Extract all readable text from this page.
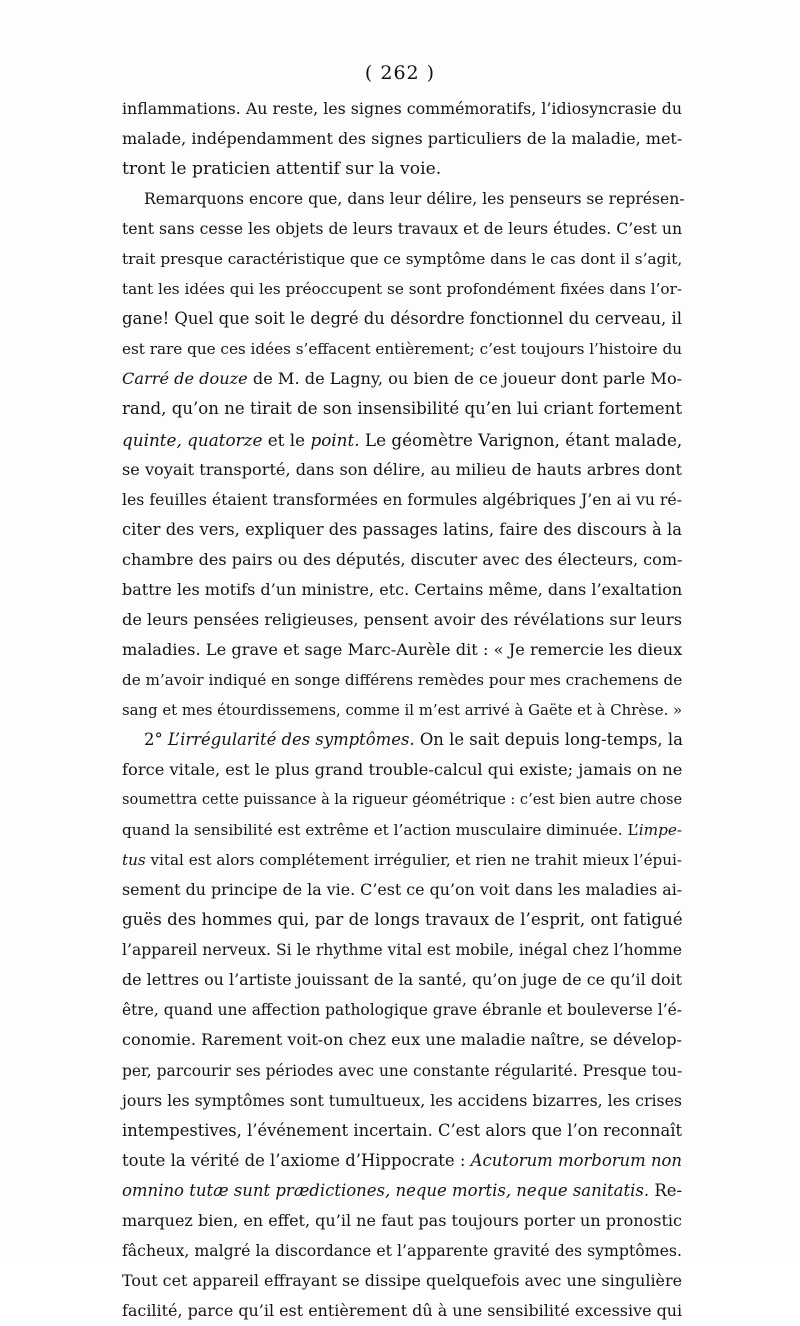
( 262 )
inflammations. Au reste, les signes commémoratifs, l’idiosyncrasie du
malade, indépendamment des signes particuliers de la maladie, met-
tront le praticien attentif sur la voie.
Remarquons encore que, dans leur délire, les penseurs se représen-
tent sans cesse les objets de leurs travaux et de leurs études. C’est un
trait presque caractéristique que ce symptôme dans le cas dont il s’agit,
tant les idées qui les préoccupent se sont profondément fixées dans l’or-
gane! Quel que soit le degré du désordre fonctionnel du cerveau, il
est rare que ces idées s’effacent entièrement; c’est toujours l’histoire du
Carré de douze de M. de Lagny, ou bien de ce joueur dont parle Mo-
rand, qu’on ne tirait de son insensibilité qu’en lui criant fortement
quinte, quatorze et le point. Le géomètre Varignon, étant malade,
se voyait transporté, dans son délire, au milieu de hauts arbres dont
les feuilles étaient transformées en formules algébriques J’en ai vu ré-
citer des vers, expliquer des passages latins, faire des discours à la
chambre des pairs ou des députés, discuter avec des électeurs, com-
battre les motifs d’un ministre, etc. Certains même, dans l’exaltation
de leurs pensées religieuses, pensent avoir des révélations sur leurs
maladies. Le grave et sage Marc-Aurèle dit : « Je remercie les dieux
de m’avoir indiqué en songe différens remèdes pour mes crachemens de
sang et mes étourdissemens, comme il m’est arrivé à Gaëte et à Chrèse. »
2° L’irrégularité des symptômes. On le sait depuis long-temps, la
force vitale, est le plus grand trouble-calcul qui existe; jamais on ne
soumettra cette puissance à la rigueur géométrique : c’est bien autre chose
quand la sensibilité est extrême et l’action musculaire diminuée. L’impe-
tus vital est alors complétement irrégulier, et rien ne trahit mieux l’épui-
sement du principe de la vie. C’est ce qu’on voit dans les maladies ai-
guës des hommes qui, par de longs travaux de l’esprit, ont fatigué
l’appareil nerveux. Si le rhythme vital est mobile, inégal chez l’homme
de lettres ou l’artiste jouissant de la santé, qu’on juge de ce qu’il doit
être, quand une affection pathologique grave ébranle et bouleverse l’é-
conomie. Rarement voit-on chez eux une maladie naître, se dévelop-
per, parcourir ses périodes avec une constante régularité. Presque tou-
jours les symptômes sont tumultueux, les accidens bizarres, les crises
intempestives, l’événement incertain. C’est alors que l’on reconnaît
toute la vérité de l’axiome d’Hippocrate : Acutorum morborum non
omnino tutæ sunt prædictiones, neque mortis, neque sanitatis. Re-
marquez bien, en effet, qu’il ne faut pas toujours porter un pronostic
fâcheux, malgré la discordance et l’apparente gravité des symptômes.
Tout cet appareil effrayant se dissipe quelquefois avec une singulière
facilité, parce qu’il est entièrement dû à une sensibilité excessive qui
